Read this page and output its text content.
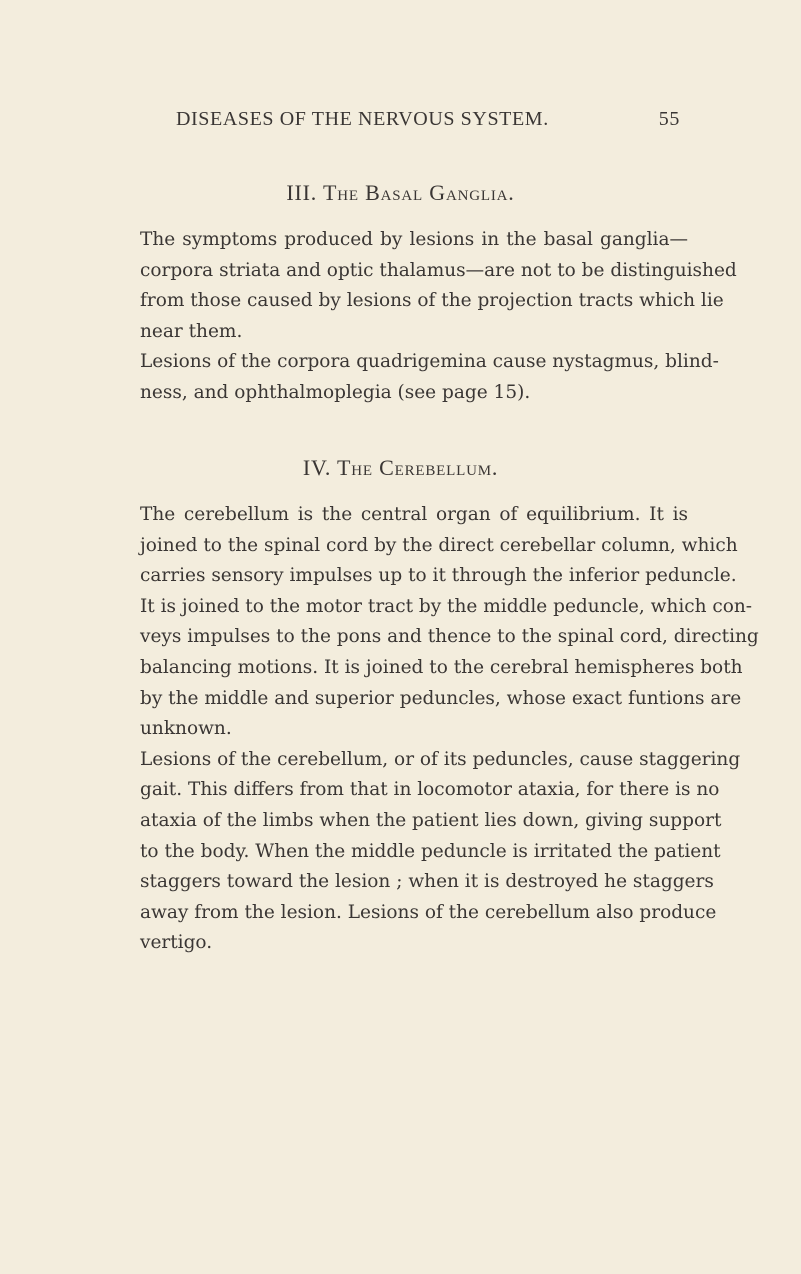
DISEASES OF THE NERVOUS SYSTEM.	55
III. The Basal Ganglia.
The symptoms produced by lesions in the basal ganglia—
corpora striata and optic thalamus—are not to be distinguished
from those caused by lesions of the projection tracts which lie
near them.
Lesions of the corpora quadrigemina cause nystagmus, blind-
ness, and ophthalmoplegia (see page 15).
IV. The Cerebellum.
The cerebellum is the central organ of equilibrium. It is
joined to the spinal cord by the direct cerebellar column, which
carries sensory impulses up to it through the inferior peduncle.
It is joined to the motor tract by the middle peduncle, which con-
veys impulses to the pons and thence to the spinal cord, directing
balancing motions. It is joined to the cerebral hemispheres both
by the middle and superior peduncles, whose exact funtions are
unknown.
Lesions of the cerebellum, or of its peduncles, cause staggering
gait. This differs from that in locomotor ataxia, for there is no
ataxia of the limbs when the patient lies down, giving support
to the body. When the middle peduncle is irritated the patient
staggers toward the lesion ; when it is destroyed he staggers
away from the lesion. Lesions of the cerebellum also produce
vertigo.
